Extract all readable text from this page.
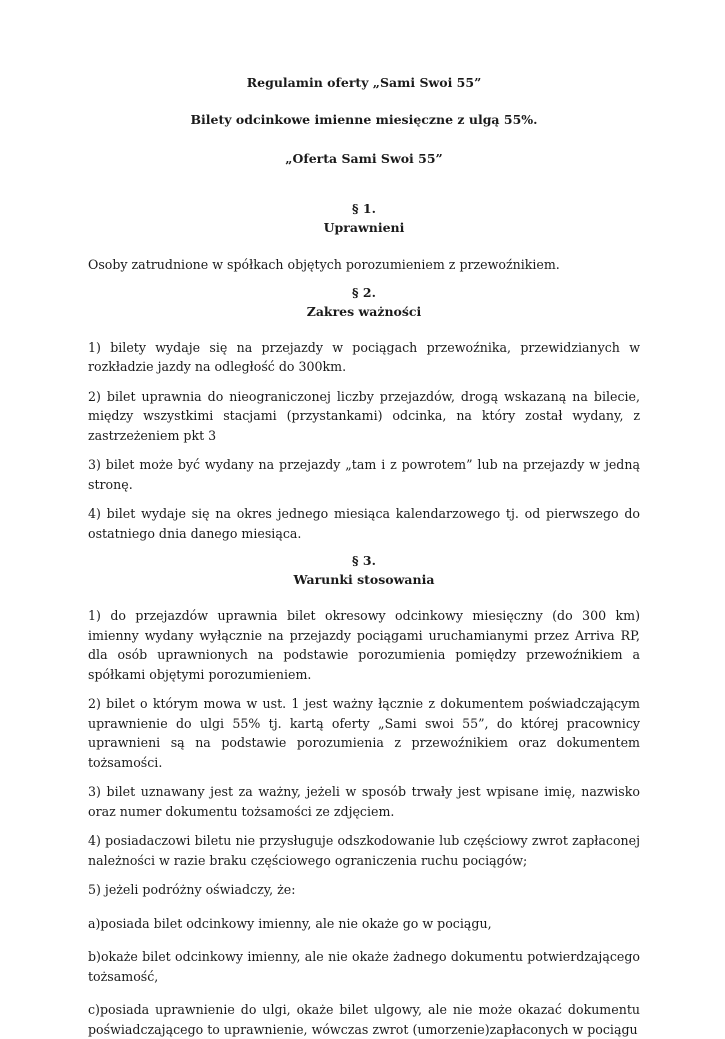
Regulamin oferty „Sami Swoi 55”

Bilety odcinkowe imienne miesięczne z ulgą 55%.

„Oferta Sami Swoi 55”

§ 1.

Uprawnieni

Osoby zatrudnione w spółkach objętych porozumieniem z przewoźnikiem.

§ 2.

Zakres ważności

1) bilety wydaje się na przejazdy w pociągach przewoźnika, przewidzianych w rozkładzie jazdy na odległość do 300km.

2) bilet uprawnia do nieograniczonej liczby przejazdów, drogą wskazaną na bilecie, między wszystkimi stacjami (przystankami) odcinka, na który został wydany, z zastrzeżeniem pkt 3

3) bilet może być wydany na przejazdy „tam i z powrotem” lub na przejazdy w jedną stronę.

4) bilet wydaje się na okres jednego miesiąca kalendarzowego tj. od pierwszego do ostatniego dnia danego miesiąca.

§ 3.

Warunki stosowania

1) do przejazdów uprawnia bilet okresowy odcinkowy miesięczny (do 300 km) imienny wydany wyłącznie na przejazdy pociągami uruchamianymi przez Arriva RP, dla osób uprawnionych na podstawie porozumienia pomiędzy przewoźnikiem a spółkami objętymi porozumieniem.

2) bilet o którym mowa w ust. 1 jest ważny łącznie z dokumentem poświadczającym uprawnienie do ulgi 55% tj. kartą oferty „Sami swoi 55”, do której pracownicy uprawnieni są na podstawie porozumienia z przewoźnikiem oraz dokumentem tożsamości.

3) bilet uznawany jest za ważny, jeżeli w sposób trwały jest wpisane imię, nazwisko oraz numer dokumentu tożsamości ze zdjęciem.

4) posiadaczowi biletu nie przysługuje odszkodowanie lub częściowy zwrot zapłaconej należności w razie braku częściowego ograniczenia ruchu pociągów;

5) jeżeli podróżny oświadczy, że:

a)posiada bilet odcinkowy imienny, ale nie okaże go w pociągu,

b)okaże bilet odcinkowy imienny, ale nie okaże żadnego dokumentu potwierdzającego tożsamość,

c)posiada uprawnienie do ulgi, okaże bilet ulgowy, ale nie może okazać dokumentu poświadczającego to uprawnienie, wówczas zwrot (umorzenie)zapłaconych w pociągu
